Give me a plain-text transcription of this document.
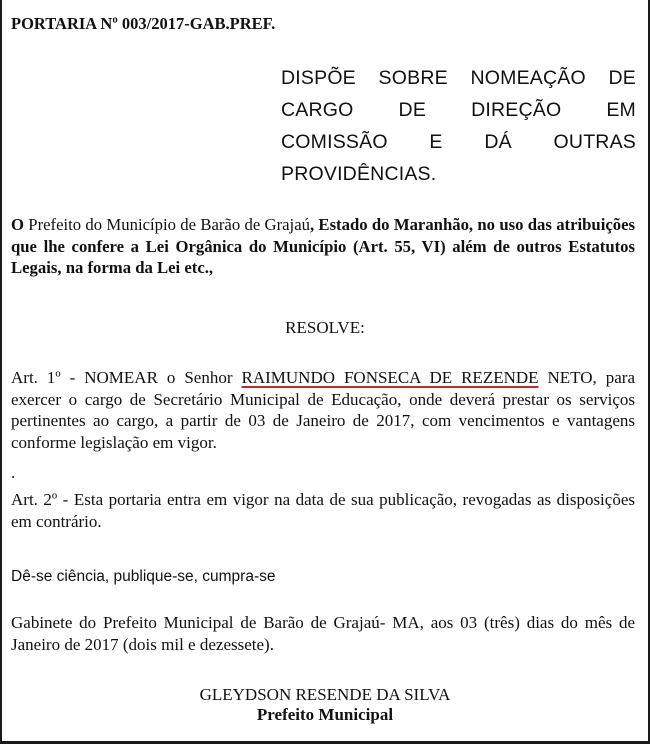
PORTARIA Nº 003/2017-GAB.PREF.
DISPÕE SOBRE NOMEAÇÃO DE
CARGO DE DIREÇÃO EM
COMISSÃO E DÁ OUTRAS
PROVIDÊNCIAS.
O Prefeito do Município de Barão de Grajaú, Estado do Maranhão, no uso das atribuições que lhe confere a Lei Orgânica do Município (Art. 55, VI) além de outros Estatutos Legais, na forma da Lei etc.,
RESOLVE:
Art. 1º - NOMEAR o Senhor RAIMUNDO FONSECA DE REZENDE NETO, para exercer o cargo de Secretário Municipal de Educação, onde deverá prestar os serviços pertinentes ao cargo, a partir de 03 de Janeiro de 2017, com vencimentos e vantagens conforme legislação em vigor.
.
Art. 2º - Esta portaria entra em vigor na data de sua publicação, revogadas as disposições em contrário.
Dê-se ciência, publique-se, cumpra-se
Gabinete do Prefeito Municipal de Barão de Grajaú- MA, aos 03 (três) dias do mês de Janeiro de 2017 (dois mil e dezessete).
GLEYDSON RESENDE DA SILVA
Prefeito Municipal
